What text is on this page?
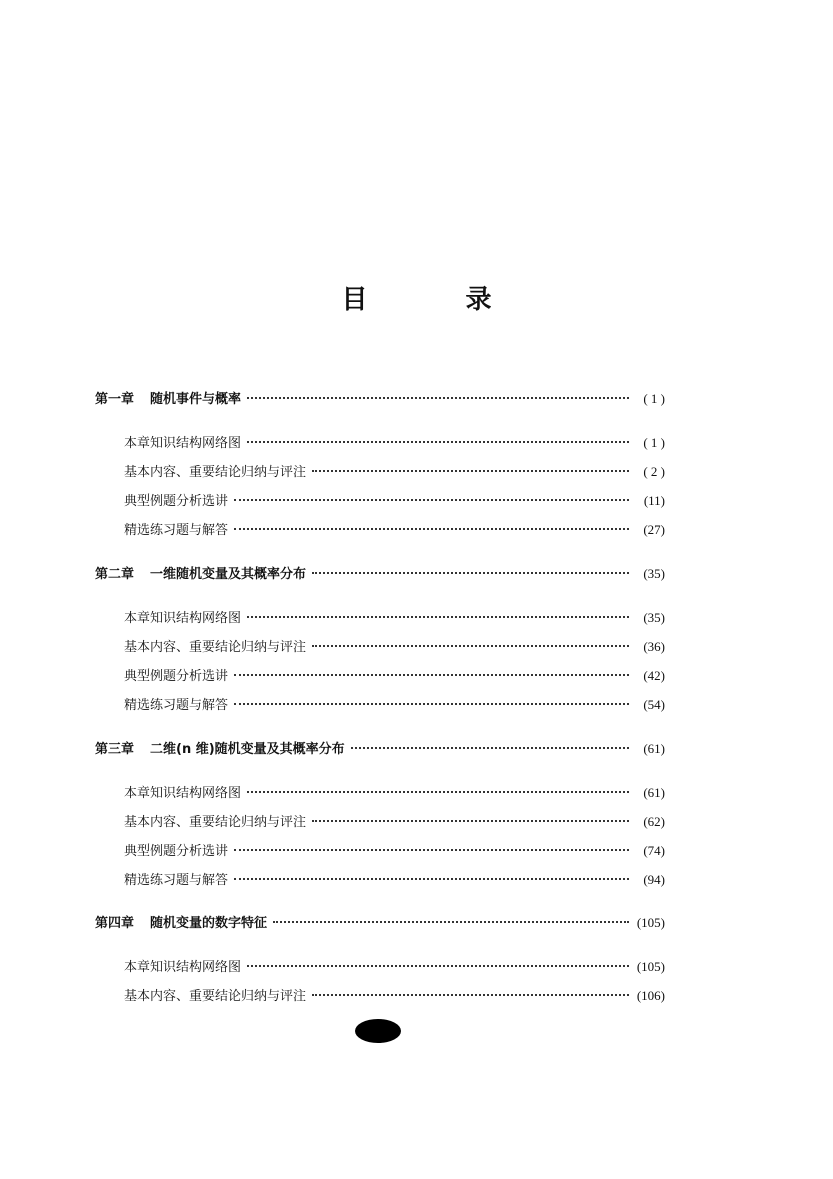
目　录
第一章 随机事件与概率	( 1 )
本章知识结构网络图	( 1 )
基本内容、重要结论归纳与评注	( 2 )
典型例题分析选讲	(11)
精选练习题与解答	(27)
第二章 一维随机变量及其概率分布	(35)
本章知识结构网络图	(35)
基本内容、重要结论归纳与评注	(36)
典型例题分析选讲	(42)
精选练习题与解答	(54)
第三章 二维(n 维)随机变量及其概率分布	(61)
本章知识结构网络图	(61)
基本内容、重要结论归纳与评注	(62)
典型例题分析选讲	(74)
精选练习题与解答	(94)
第四章 随机变量的数字特征	(105)
本章知识结构网络图	(105)
基本内容、重要结论归纳与评注	(106)
